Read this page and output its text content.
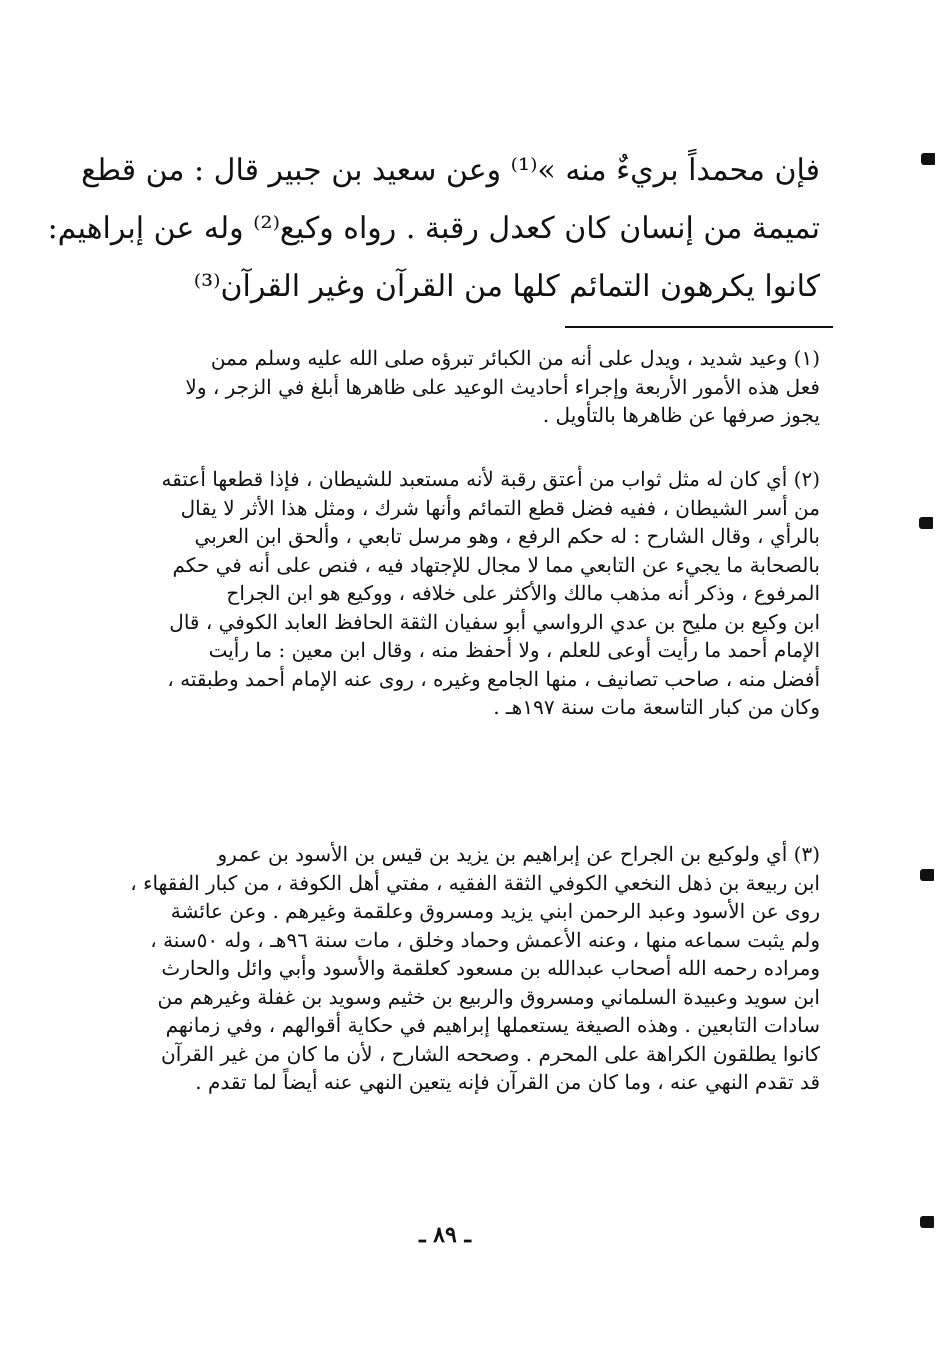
فإن محمداً بريءٌ منه »⁽¹⁾ وعن سعيد بن جبير قال : من قطع
تميمة من إنسان كان كعدل رقبة . رواه وكيع⁽²⁾ وله عن إبراهيم:
كانوا يكرهون التمائم كلها من القرآن وغير القرآن⁽³⁾
(١) وعيد شديد ، ويدل على أنه من الكبائر تبرؤه صلى الله عليه وسلم ممن
فعل هذه الأمور الأربعة وإجراء أحاديث الوعيد على ظاهرها أبلغ في الزجر ، ولا
يجوز صرفها عن ظاهرها بالتأويل .
(٢) أي كان له مثل ثواب من أعتق رقبة لأنه مستعبد للشيطان ، فإذا قطعها أعتقه
من أسر الشيطان ، ففيه فضل قطع التمائم وأنها شرك ، ومثل هذا الأثر لا يقال
بالرأي ، وقال الشارح : له حكم الرفع ، وهو مرسل تابعي ، وألحق ابن العربي
بالصحابة ما يجيء عن التابعي مما لا مجال للإجتهاد فيه ، فنص على أنه في حكم
المرفوع ، وذكر أنه مذهب مالك والأكثر على خلافه ، ووكيع هو ابن الجراح
ابن وكيع بن مليح بن عدي الرواسي أبو سفيان الثقة الحافظ العابد الكوفي ، قال
الإمام أحمد ما رأيت أوعى للعلم ، ولا أحفظ منه ، وقال ابن معين : ما رأيت
أفضل منه ، صاحب تصانيف ، منها الجامع وغيره ، روى عنه الإمام أحمد وطبقته ،
وكان من كبار التاسعة مات سنة ١٩٧هـ .
(٣) أي ولوكيع بن الجراح عن إبراهيم بن يزيد بن قيس بن الأسود بن عمرو
ابن ربيعة بن ذهل النخعي الكوفي الثقة الفقيه ، مفتي أهل الكوفة ، من كبار الفقهاء ،
روى عن الأسود وعبد الرحمن ابني يزيد ومسروق وعلقمة وغيرهم . وعن عائشة
ولم يثبت سماعه منها ، وعنه الأعمش وحماد وخلق ، مات سنة ٩٦هـ ، وله ٥٠سنة ،
ومراده رحمه الله أصحاب عبدالله بن مسعود كعلقمة والأسود وأبي وائل والحارث
ابن سويد وعبيدة السلماني ومسروق والربيع بن خثيم وسويد بن غفلة وغيرهم من
سادات التابعين . وهذه الصيغة يستعملها إبراهيم في حكاية أقوالهم ، وفي زمانهم
كانوا يطلقون الكراهة على المحرم . وصححه الشارح ، لأن ما كان من غير القرآن
قد تقدم النهي عنه ، وما كان من القرآن فإنه يتعين النهي عنه أيضاً لما تقدم .
ـ ٨٩ ـ
